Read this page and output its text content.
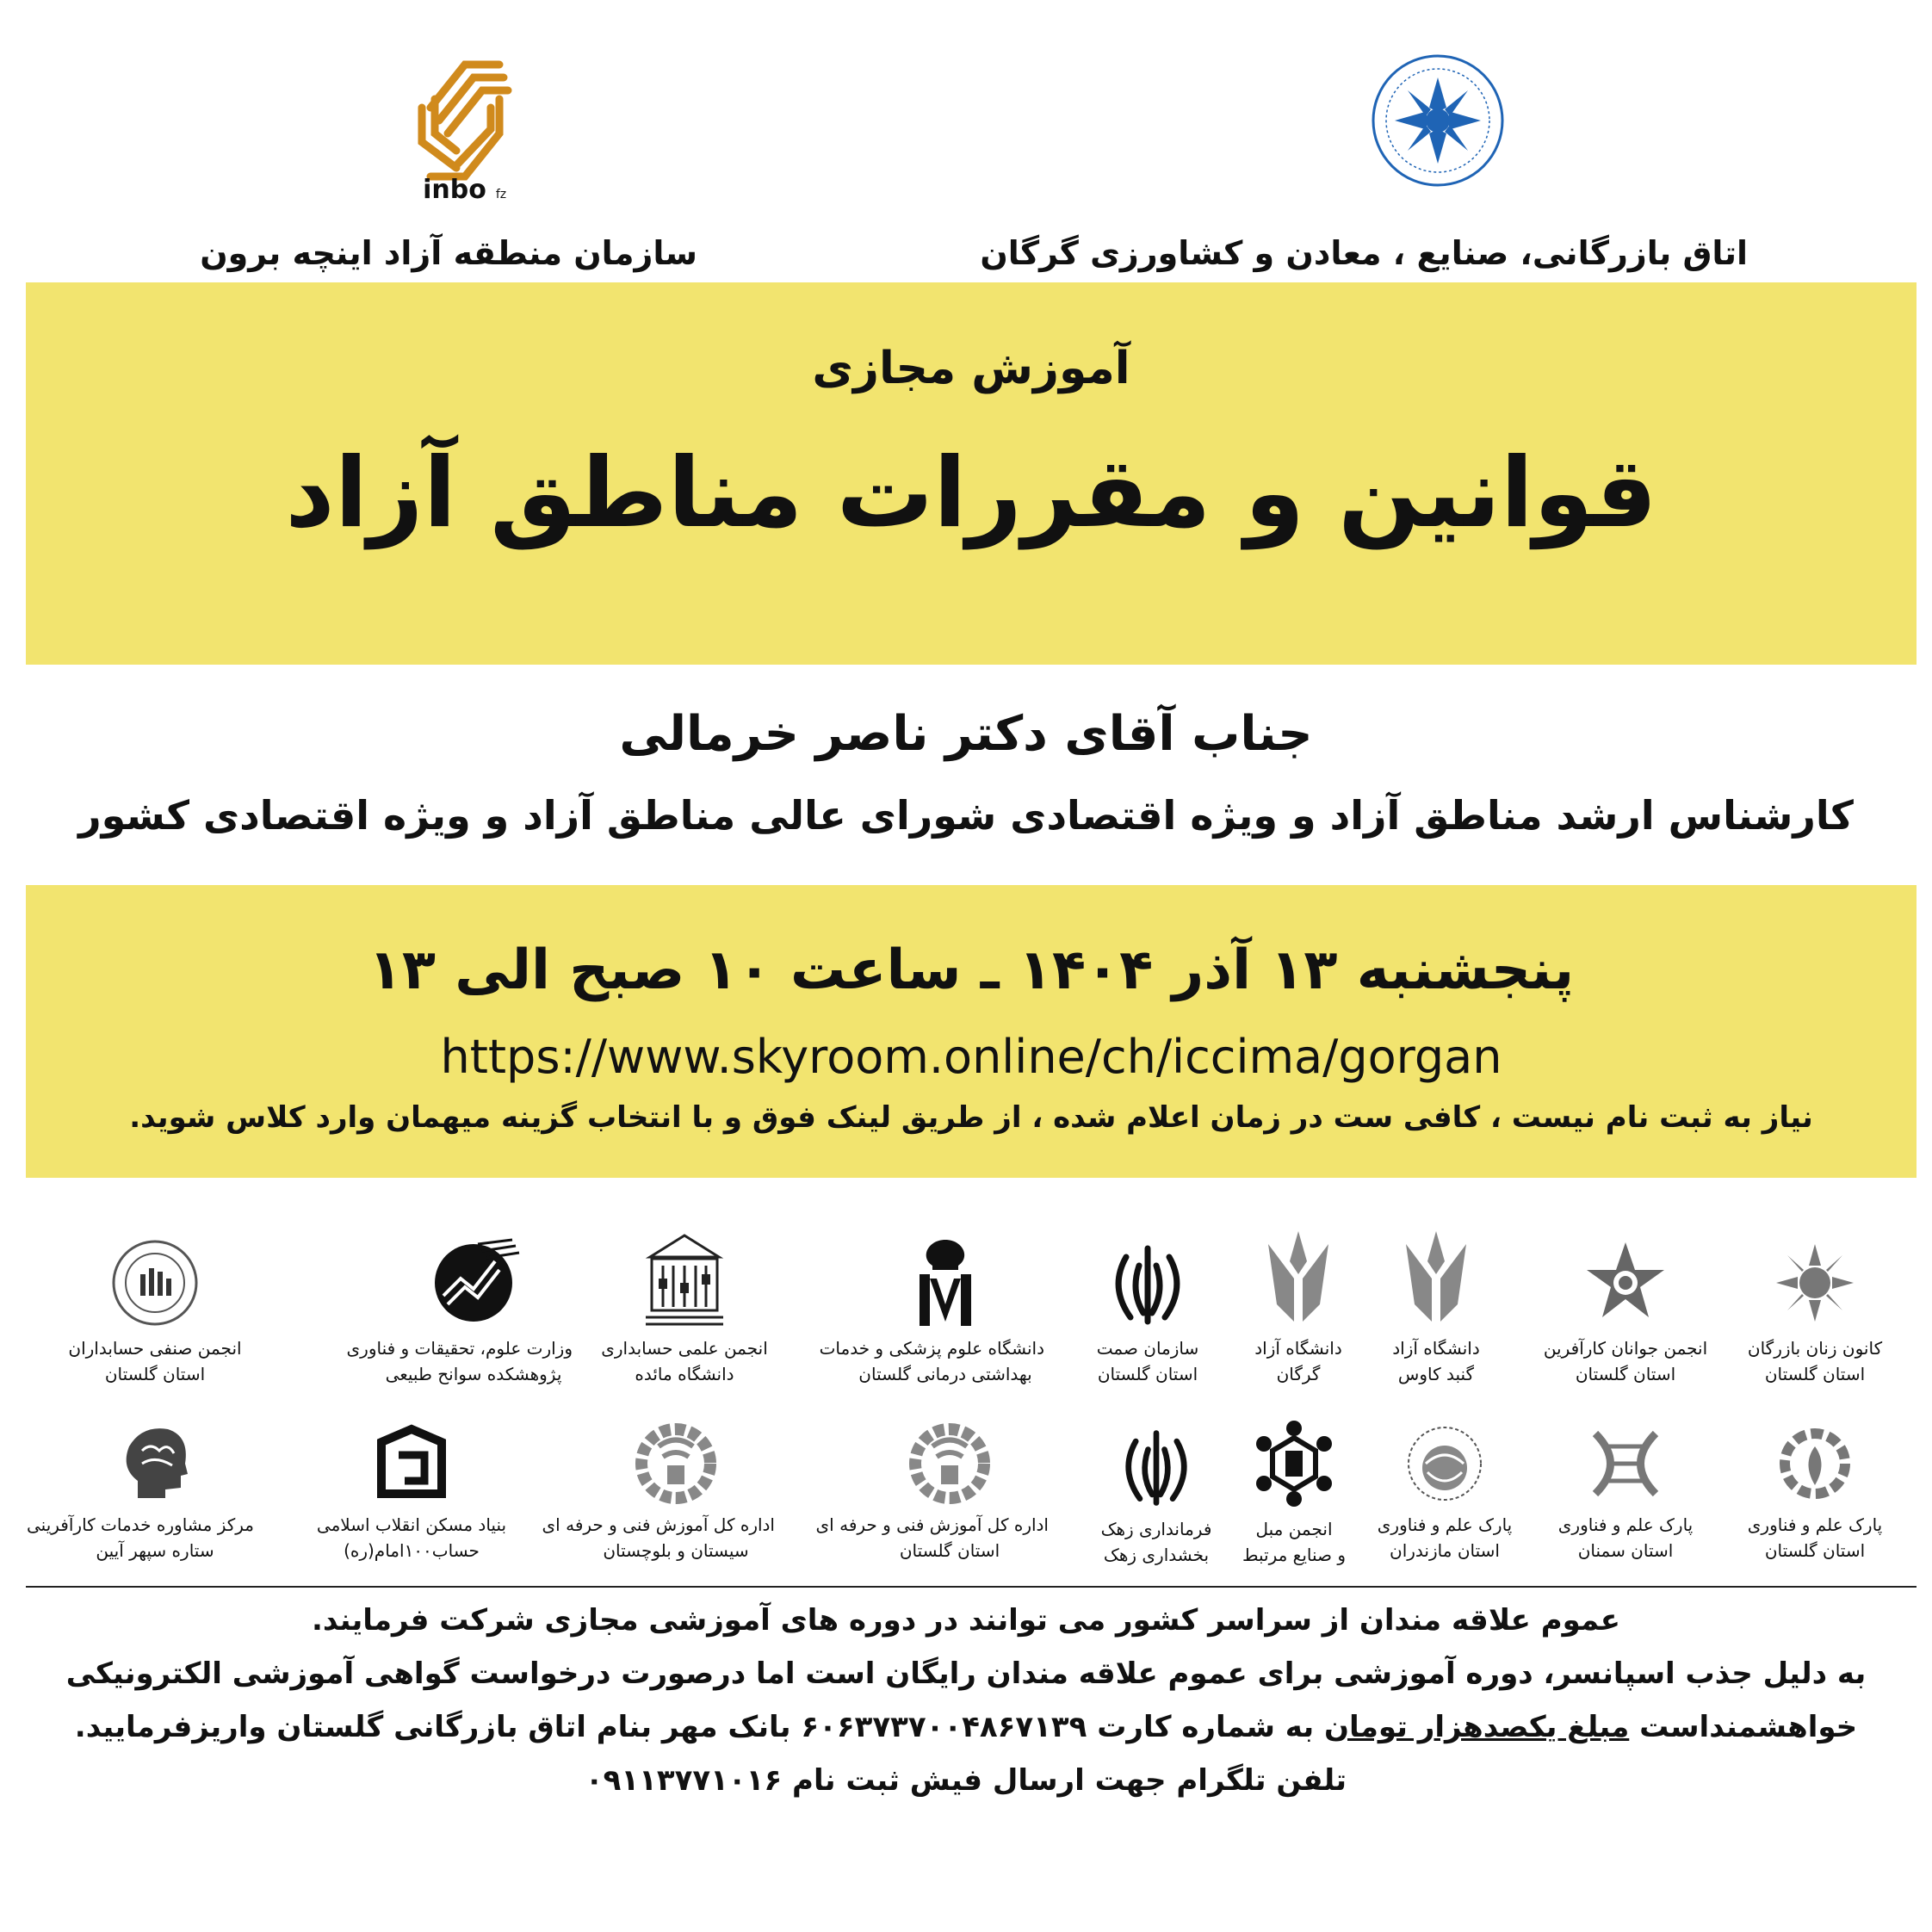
inbo fz
سازمان منطقه آزاد اینچه برون	اتاق بازرگانی، صنایع ، معادن و کشاورزی گرگان
آموزش مجازی
قوانین و مقررات مناطق آزاد
جناب آقای دکتر ناصر خرمالی
کارشناس ارشد مناطق آزاد و ویژه اقتصادی شورای عالی مناطق آزاد و ویژه اقتصادی کشور
پنجشنبه ۱۳ آذر ۱۴۰۴ ـ ساعت ۱۰ صبح الی ۱۳
https://www.skyroom.online/ch/iccima/gorgan
نیاز به ثبت نام نیست ، کافی ست در زمان اعلام شده ، از طریق لینک فوق و با انتخاب گزینه میهمان وارد کلاس شوید.
کانون زنان بازرگان
استان گلستان
انجمن جوانان کارآفرین
استان گلستان
دانشگاه آزاد
گنبد کاوس
دانشگاه آزاد
گرگان
سازمان صمت
استان گلستان
دانشگاه علوم پزشکی و خدمات
بهداشتی درمانی گلستان
انجمن علمی حسابداری
دانشگاه مائده
وزارت علوم، تحقیقات و فناوری
پژوهشکده سوانح طبیعی
انجمن صنفی حسابداران
استان گلستان
پارک علم و فناوری
استان گلستان
پارک علم و فناوری
استان سمنان
پارک علم و فناوری
استان مازندران
انجمن مبل
و صنایع مرتبط
فرمانداری زهک
بخشداری زهک
اداره کل آموزش فنی و حرفه ای
استان گلستان
اداره کل آموزش فنی و حرفه ای
سیستان و بلوچستان
بنیاد مسکن انقلاب اسلامی
حساب۱۰۰امام(ره)
مرکز مشاوره خدمات کارآفرینی
ستاره سپهر آیین
عموم علاقه مندان از سراسر کشور می توانند در دوره های آموزشی مجازی شرکت فرمایند.
به دلیل جذب اسپانسر، دوره آموزشی برای عموم علاقه مندان رایگان است اما درصورت درخواست گواهی آموزشی الکترونیکی
خواهشمنداست مبلغ یکصدهزار تومان به شماره کارت ۶۰۶۳۷۳۷۰۰۴۸۶۷۱۳۹ بانک مهر بنام اتاق بازرگانی گلستان واریزفرمایید.
تلفن تلگرام جهت ارسال فیش ثبت نام ۰۹۱۱۳۷۷۱۰۱۶
